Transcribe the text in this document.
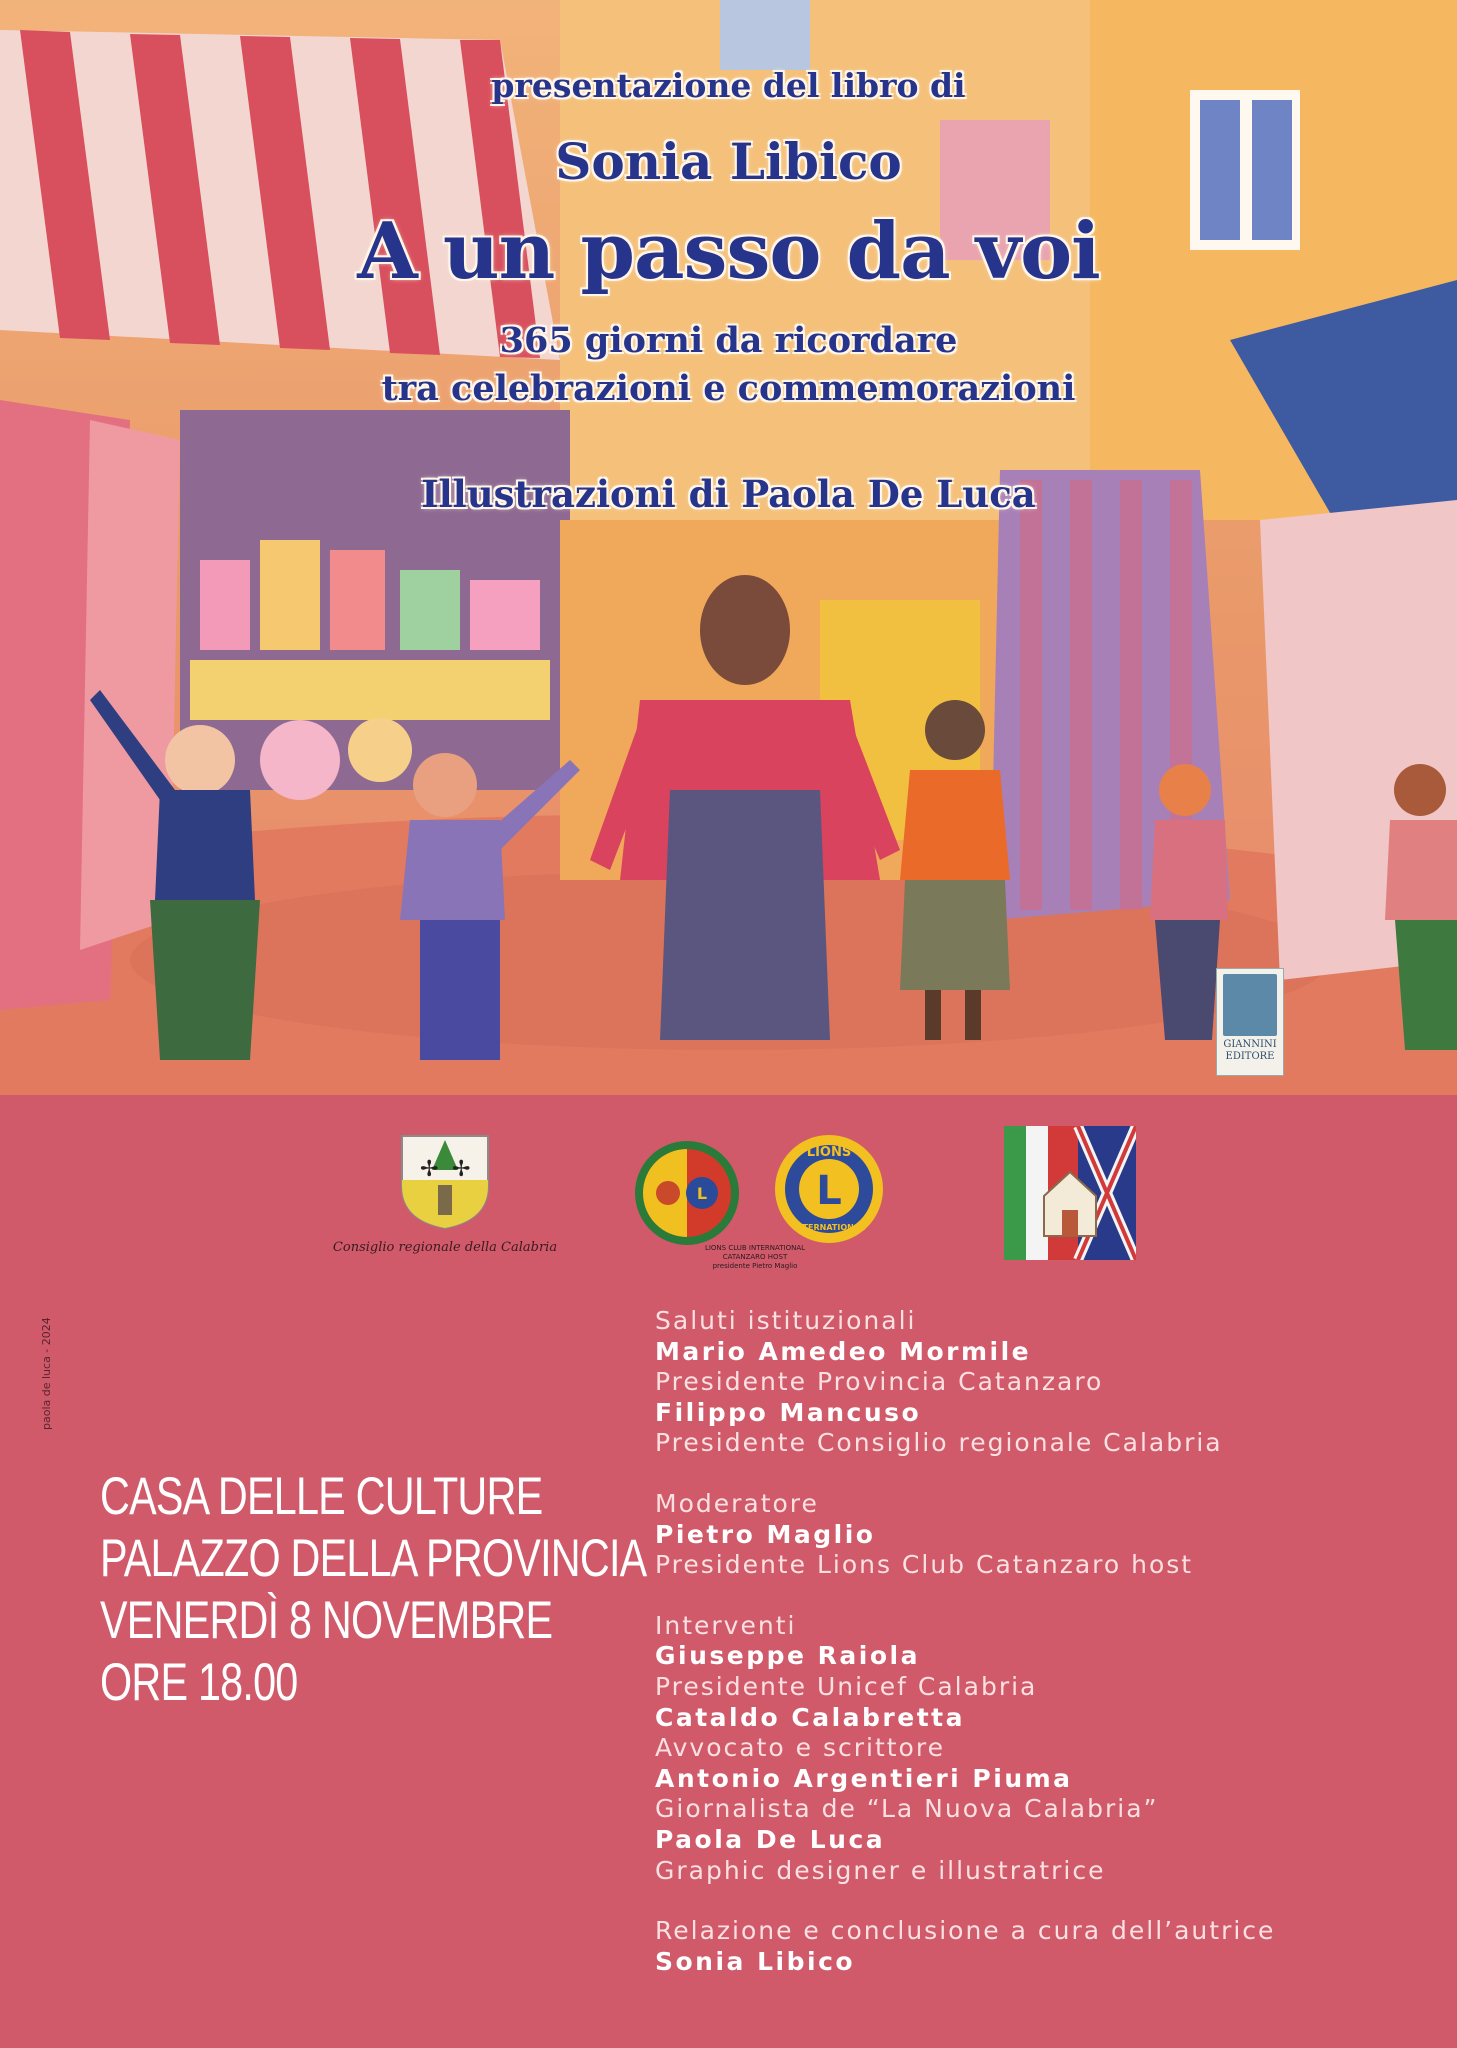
presentazione del libro di
Sonia Libico
A un passo da voi
365 giorni da ricordare
tra celebrazioni e commemorazioni
Illustrazioni di Paola De Luca
GIANNINI
EDITORE
paola de luca - 2024
✢ ✢
Consiglio regionale della Calabria
L	L
LIONS
INTERNATIONAL
LIONS CLUB INTERNATIONAL
CATANZARO HOST
presidente Pietro Maglio
CASA DELLE CULTURE
PALAZZO DELLA PROVINCIA
VENERDÌ 8 NOVEMBRE
ORE 18.00
Saluti istituzionali
Mario Amedeo Mormile
Presidente Provincia Catanzaro
Filippo Mancuso
Presidente Consiglio regionale Calabria
Moderatore
Pietro Maglio
Presidente Lions Club Catanzaro host
Interventi
Giuseppe Raiola
Presidente Unicef Calabria
Cataldo Calabretta
Avvocato e scrittore
Antonio Argentieri Piuma
Giornalista de “La Nuova Calabria”
Paola De Luca
Graphic designer e illustratrice
Relazione e conclusione a cura dell’autrice
Sonia Libico
